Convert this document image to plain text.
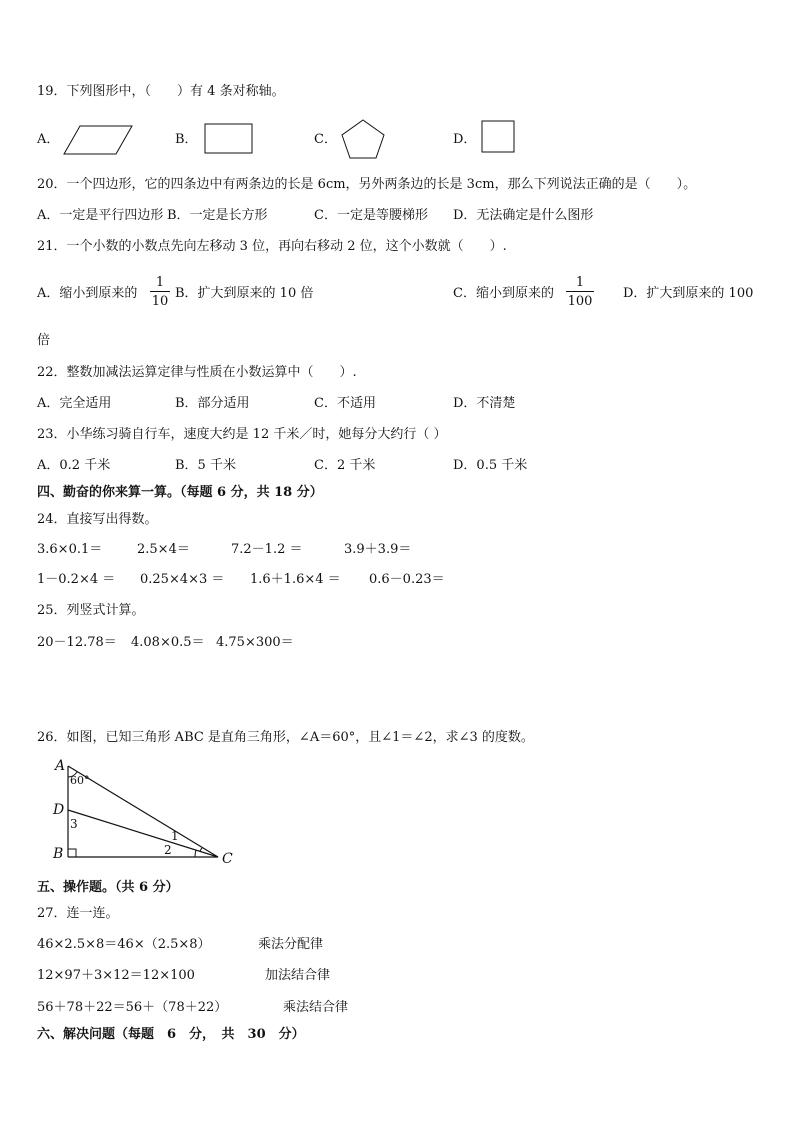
19．下列图形中，（　　）有 4 条对称轴。
A．	B．	C．	D．
20．一个四边形，它的四条边中有两条边的长是 6cm，另外两条边的长是 3cm，那么下列说法正确的是（　　）。
A．一定是平行四边形 B．一定是长方形	C．一定是等腰梯形 D．无法确定是什么图形
21．一个小数的小数点先向左移动 3 位，再向右移动 2 位，这个小数就（　　）.
A．缩小到原来的
1
10
B．扩大到原来的 10 倍	C．缩小到原来的
1
100
D．扩大到原来的 100
倍
22．整数加减法运算定律与性质在小数运算中（　　）.
A．完全适用	B．部分适用	C．不适用	D．不清楚
23．小华练习骑自行车，速度大约是 12 千米／时，她每分大约行（ ）
A．0.2 千米	B．5 千米	C．2 千米	D．0.5 千米
四、勤奋的你来算一算。（每题 6 分，共 18 分）
24．直接写出得数。
3.6×0.1＝	2.5×4＝	7.2－1.2 ＝	3.9＋3.9＝
1－0.2×4 ＝ 0.25×4×3 ＝ 1.6＋1.6×4 ＝ 0.6－0.23＝
25．列竖式计算。
20－12.78＝ 4.08×0.5＝ 4.75×300＝
26．如图，已知三角形 ABC 是直角三角形，∠A＝60°，且∠1＝∠2，求∠3 的度数。
A
60°
D
3
B
1
2
C
五、操作题。（共 6 分）
27．连一连。
46×2.5×8＝46×（2.5×8）	乘法分配律
12×97＋3×12＝12×100	加法结合律
56＋78＋22＝56＋（78＋22）	乘法结合律
六、解决问题（每题　6　分，　共　30　分）
